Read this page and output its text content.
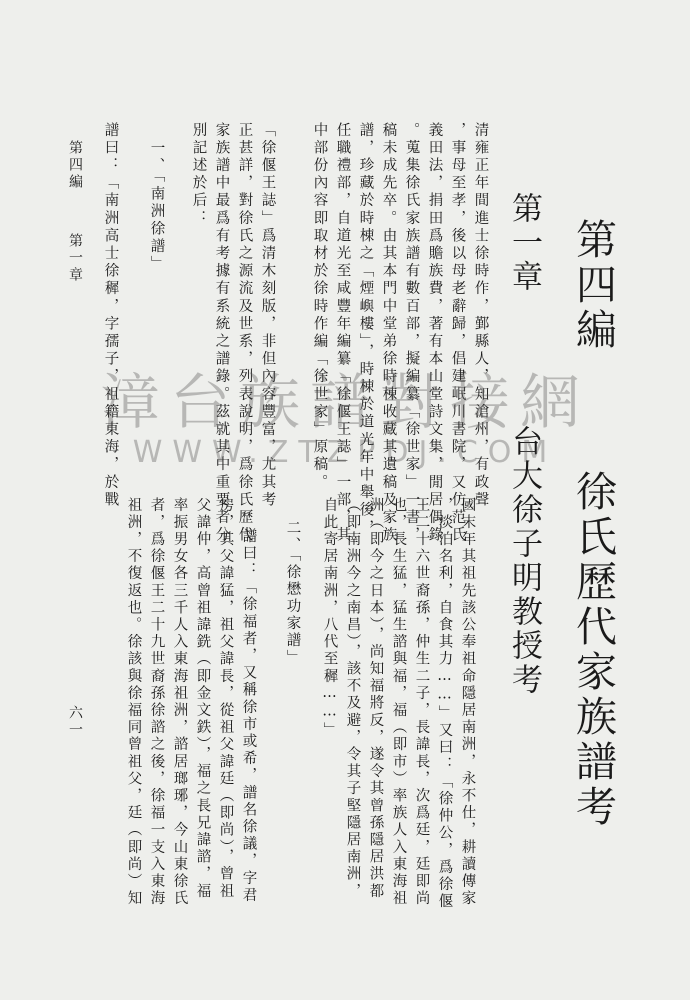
第四編
徐氏歷代家族譜考
第一章
台大徐子明教授考
清雍正年間進士徐時作，鄞縣人，知滄州，有政聲
，事母至孝，後以母老辭歸，倡建岷川書院，又仿范氏
義田法，捐田爲贍族費，著有本山堂詩文集，閒居偶錄
。蒐集徐氏家族譜有數百部，擬編纂「徐世家」一書，
稿未成先卒。由其本門中堂弟徐時棟收藏其遺稿及家族
譜，珍藏於時棟之「煙嶼樓」，時棟於道光年中舉後，
任職禮部，自道光至咸豐年編纂「徐偃王誌」一部，其
中部份內容即取材於徐時作編「徐世家」原稿。
「徐偃王誌」爲清木刻版，非但內容豐富，尤其考
正甚詳，對徐氏之源流及世系，列表說明，爲徐氏歷代
家族譜中最爲有考據有系統之譜錄。茲就其中重要者分
別記述於后：
一、「南洲徐譜」
譜曰：「南洲高士徐穉，字孺子，祖籍東海，於戰
國末年其祖先該公奉祖命隱居南洲，永不仕，耕讀傳家
，淡泊名利，自食其力……」又曰：「徐仲公，爲徐偃
王二十六世裔孫，仲生二子，長諱長，次爲廷，廷即尚
也，長生猛，猛生諮與福，福（即市）率族人入東海祖
洲（即今之日本），尚知福將反，遂令其曾孫隱居洪都
（即南洲今之南昌），該不及避，令其子堅隱居南洲，
自此寄居南洲，八代至穉……」
二、「徐懋功家譜」
譜曰：「徐福者，又稱徐市或希，譜名徐議，字君
房，其父諱猛，祖父諱長，從祖父諱廷（即尚），曾祖
父諱仲，高曾祖諱銑（即金文鉄），福之長兄諱諮，福
率振男女各三千人入東海祖洲，諮居瑯琊，今山東徐氏
者，爲徐偃王二十九世裔孫徐諮之後，徐福一支入東海
祖洲，不復返也。徐該與徐福同曾祖父，廷（即尚）知
第四編
第一章
六一
漳台族譜對接網
WWW.ZTZPDJ.COM
